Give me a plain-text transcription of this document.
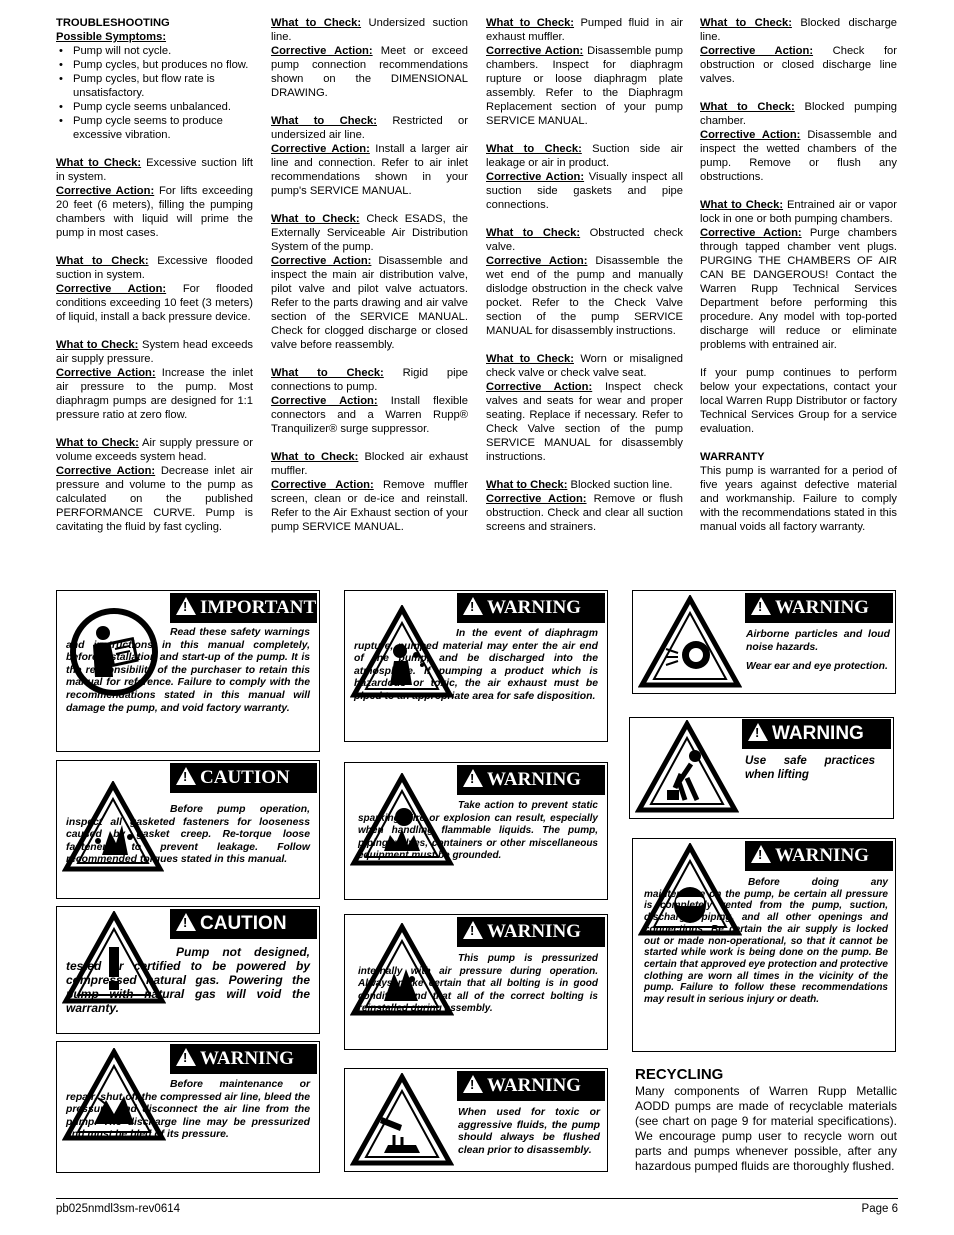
TROUBLESHOOTING
Possible Symptoms:
• Pump will not cycle.
• Pump cycles, but produces no flow.
• Pump cycles, but flow rate is unsatisfactory.
• Pump cycle seems unbalanced.
• Pump cycle seems to produce excessive vibration.

What to Check: Excessive suction lift in system.
Corrective Action: For lifts exceeding 20 feet (6 meters), filling the pumping chambers with liquid will prime the pump in most cases.

What to Check: Excessive flooded suction in system.
Corrective Action: For flooded conditions exceeding 10 feet (3 meters) of liquid, install a back pressure device.

What to Check: System head exceeds air supply pressure.
Corrective Action: Increase the inlet air pressure to the pump. Most diaphragm pumps are designed for 1:1 pressure ratio at zero flow.

What to Check: Air supply pressure or volume exceeds system head.
Corrective Action: Decrease inlet air pressure and volume to the pump as calculated on the published PERFORMANCE CURVE. Pump is cavitating the fluid by fast cycling.

What to Check: Undersized suction line.
Corrective Action: Meet or exceed pump connection recommendations shown on the DIMENSIONAL DRAWING.

What to Check: Restricted or undersized air line.
Corrective Action: Install a larger air line and connection. Refer to air inlet recommendations shown in your pump's SERVICE MANUAL.

What to Check: Check ESADS, the Externally Serviceable Air Distribution System of the pump.
Corrective Action: Disassemble and inspect the main air distribution valve, pilot valve and pilot valve actuators. Refer to the parts drawing and air valve section of the SERVICE MANUAL. Check for clogged discharge or closed valve before reassembly.

What to Check: Rigid pipe connections to pump.
Corrective Action: Install flexible connectors and a Warren Rupp® Tranquilizer® surge suppressor.

What to Check: Blocked air exhaust muffler.
Corrective Action: Remove muffler screen, clean or de-ice and reinstall. Refer to the Air Exhaust section of your pump SERVICE MANUAL.

What to Check: Pumped fluid in air exhaust muffler.
Corrective Action: Disassemble pump chambers. Inspect for diaphragm rupture or loose diaphragm plate assembly. Refer to the Diaphragm Replacement section of your pump SERVICE MANUAL.

What to Check: Suction side air leakage or air in product.
Corrective Action: Visually inspect all suction side gaskets and pipe connections.

What to Check: Obstructed check valve.
Corrective Action: Disassemble the wet end of the pump and manually dislodge obstruction in the check valve pocket. Refer to the Check Valve section of the pump SERVICE MANUAL for disassembly instructions.

What to Check: Worn or misaligned check valve or check valve seat.
Corrective Action: Inspect check valves and seats for wear and proper seating. Replace if necessary. Refer to Check Valve section of the pump SERVICE MANUAL for disassembly instructions.

What to Check: Blocked suction line.
Corrective Action: Remove or flush obstruction. Check and clear all suction screens and strainers.

What to Check: Blocked discharge line.
Corrective Action: Check for obstruction or closed discharge line valves.

What to Check: Blocked pumping chamber.
Corrective Action: Disassemble and inspect the wetted chambers of the pump. Remove or flush any obstructions.

What to Check: Entrained air or vapor lock in one or both pumping chambers.
Corrective Action: Purge chambers through tapped chamber vent plugs. PURGING THE CHAMBERS OF AIR CAN BE DANGEROUS! Contact the Warren Rupp Technical Services Department before performing this procedure. Any model with top-ported discharge will reduce or eliminate problems with entrained air.

If your pump continues to perform below your expectations, contact your local Warren Rupp Distributor or factory Technical Services Group for a service evaluation.

WARRANTY

This pump is warranted for a period of five years against defective material and workmanship. Failure to comply with the recommendations stated in this manual voids all factory warranty.

!IMPORTANT
Read these safety warnings and instructions in this manual completely, before installation and start-up of the pump. It is the responsibility of the purchaser to retain this manual for reference. Failure to comply with the recommendations stated in this manual will damage the pump, and void factory warranty.
!CAUTION
Before pump operation, inspect all gasketed fasteners for looseness caused by gasket creep. Re-torque loose fasteners to prevent leakage. Follow recommended torques stated in this manual.
!CAUTION
Pump not designed, tested or certified to be powered by compressed natural gas. Powering the pump with natural gas will void the warranty.
!WARNING
Before maintenance or repair, shut off the compressed air line, bleed the pressure, and disconnect the air line from the pump. The discharge line may be pressurized and must be bled of its pressure.
!WARNING
In the event of diaphragm rupture, pumped material may enter the air end of the pump, and be discharged into the atmosphere. If pumping a product which is hazardous or toxic, the air exhaust must be piped to an appropriate area for safe disposition.
!WARNING
Take action to prevent static sparking. Fire or explosion can result, especially when handling flammable liquids. The pump, piping, valves, containers or other miscellaneous equipment must be grounded.
!WARNING
This pump is pressurized internally with air pressure during operation. Always make certain that all bolting is in good condition and that all of the correct bolting is reinstalled during assembly.
!WARNING
When used for toxic or aggressive fluids, the pump should always be flushed clean prior to disassembly.
!WARNING
Airborne particles and loud noise hazards.
Wear ear and eye protection.
!WARNING
Use safe practices when lifting
!WARNING
Before doing any maintenance on the pump, be certain all pressure is completely vented from the pump, suction, discharge, piping, and all other openings and connections. Be certain the air supply is locked out or made non-operational, so that it cannot be started while work is being done on the pump. Be certain that approved eye protection and protective clothing are worn all times in the vicinity of the pump. Failure to follow these recommendations may result in serious injury or death.
RECYCLING

Many components of Warren Rupp Metallic AODD pumps are made of recyclable materials (see chart on page 9 for material specifications). We encourage pump user to recycle worn out parts and pumps whenever possible, after any hazardous pumped fluids are thoroughly flushed.

pb025nmdl3sm-rev0614	Page 6
